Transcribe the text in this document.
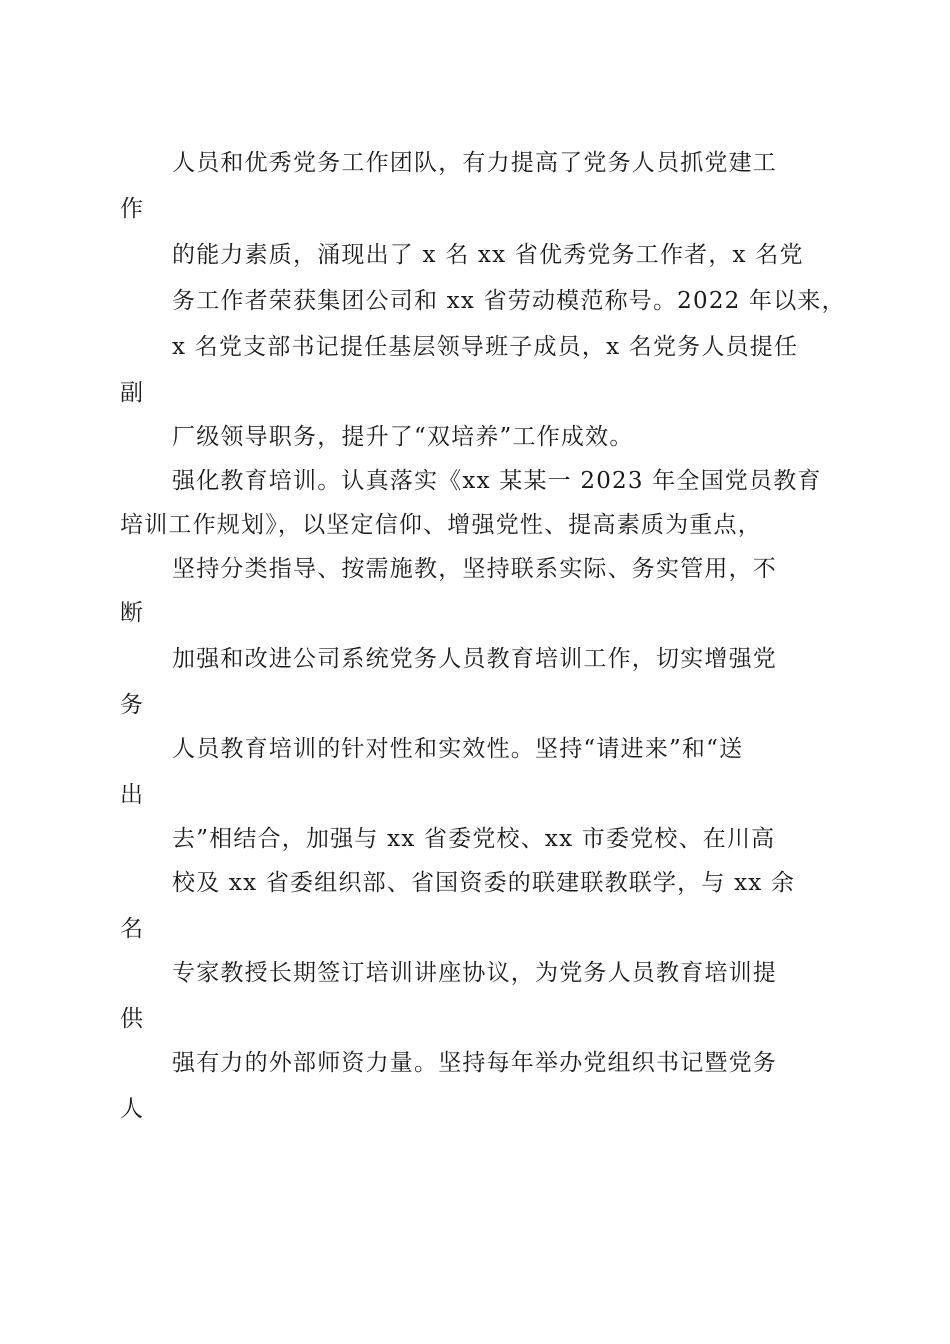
人员和优秀党务工作团队，有力提高了党务人员抓党建工
作
的能力素质，涌现出了 x 名 xx 省优秀党务工作者，x 名党
务工作者荣获集团公司和 xx 省劳动模范称号。2022 年以来，
x 名党支部书记提任基层领导班子成员，x 名党务人员提任
副
厂级领导职务，提升了“双培养”工作成效。
强化教育培训。认真落实《xx 某某一 2023 年全国党员教育
培训工作规划》，以坚定信仰、增强党性、提高素质为重点，
坚持分类指导、按需施教，坚持联系实际、务实管用，不
断
加强和改进公司系统党务人员教育培训工作，切实增强党
务
人员教育培训的针对性和实效性。坚持“请进来”和“送
出
去”相结合，加强与 xx 省委党校、xx 市委党校、在川高
校及 xx 省委组织部、省国资委的联建联教联学，与 xx 余
名
专家教授长期签订培训讲座协议，为党务人员教育培训提
供
强有力的外部师资力量。坚持每年举办党组织书记暨党务
人
